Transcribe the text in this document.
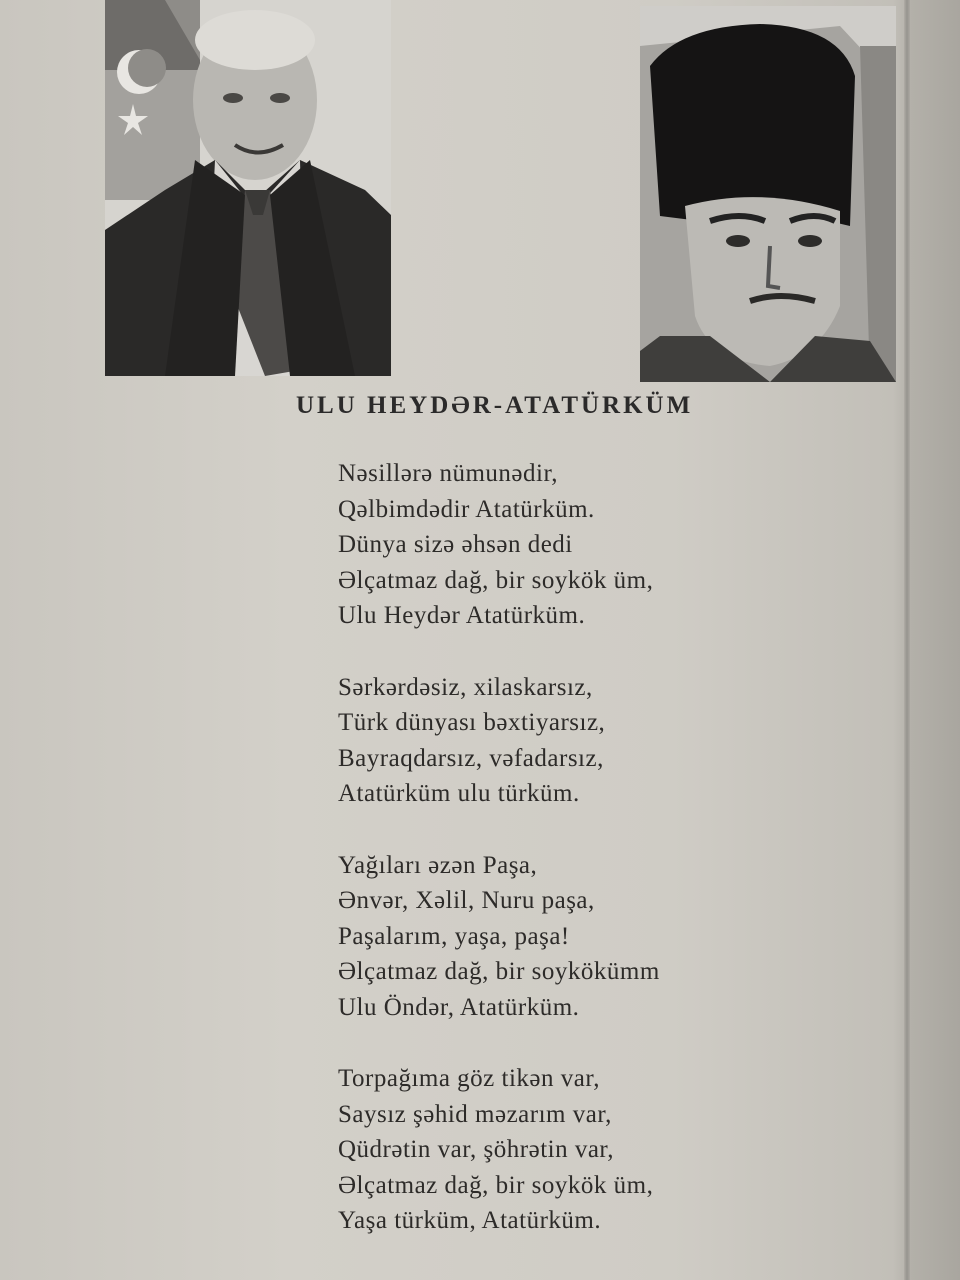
ULU HEYDƏR-ATATÜRKÜM
Nəsillərə nümunədir,
Qəlbimdədir Atatürküm.
Dünya sizə əhsən dedi
Əlçatmaz dağ, bir soykök üm,
Ulu Heydər Atatürküm.
Sərkərdəsiz, xilaskarsız,
Türk dünyası bəxtiyarsız,
Bayraqdarsız, vəfadarsız,
Atatürküm ulu türküm.
Yağıları əzən Paşa,
Ənvər, Xəlil, Nuru paşa,
Paşalarım, yaşa, paşa!
Əlçatmaz dağ, bir soykökümm
Ulu Öndər, Atatürküm.
Torpağıma göz tikən var,
Saysız şəhid məzarım var,
Qüdrətin var, şöhrətin var,
Əlçatmaz dağ, bir soykök üm,
Yaşa türküm, Atatürküm.
